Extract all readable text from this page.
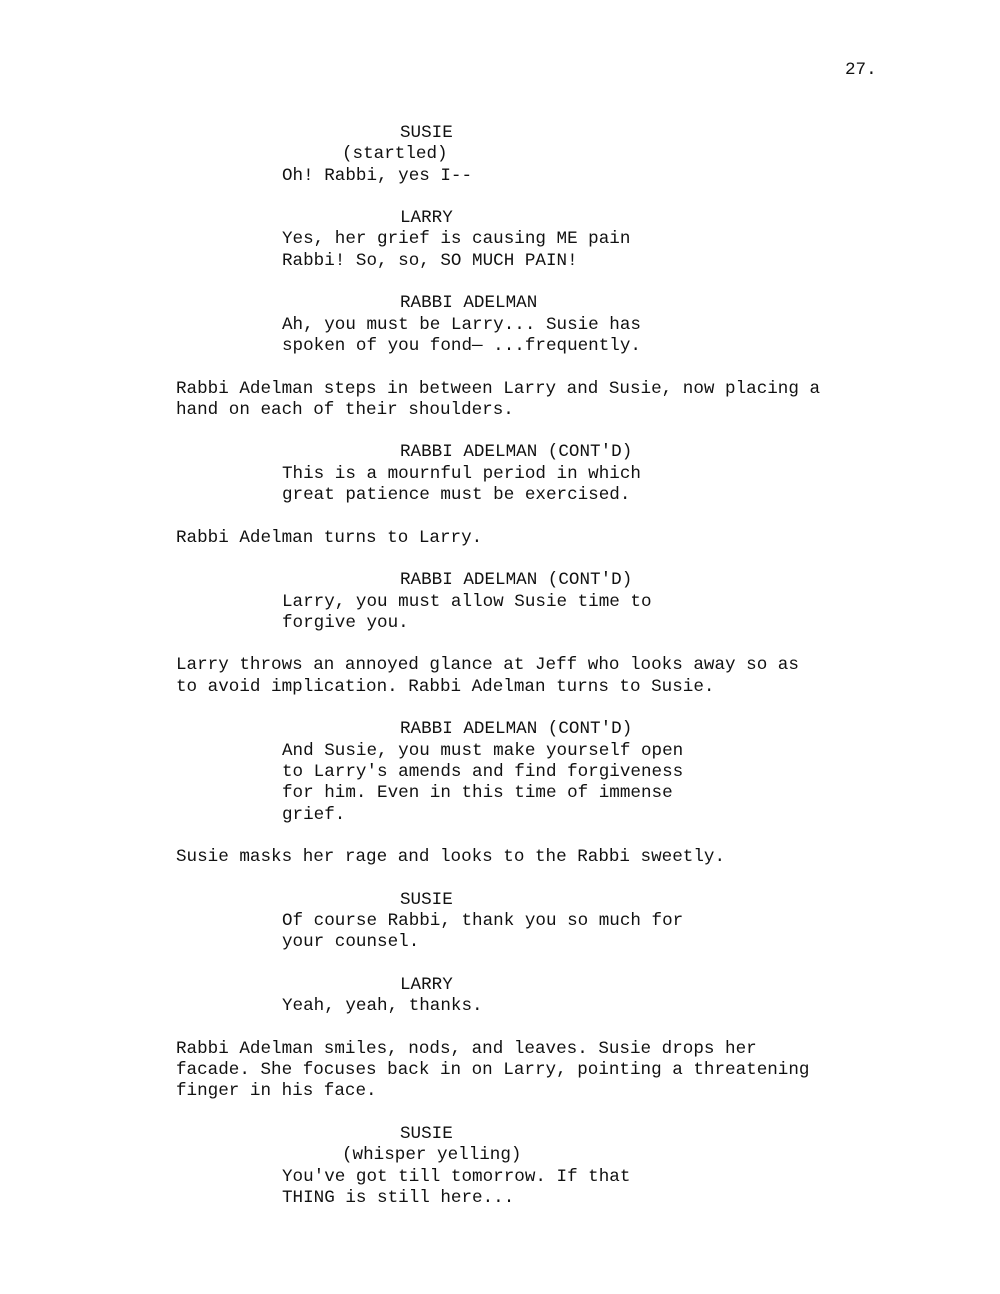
27.
SUSIE
(startled)
Oh! Rabbi, yes I--
LARRY
Yes, her grief is causing ME pain
Rabbi! So, so, SO MUCH PAIN!
RABBI ADELMAN
Ah, you must be Larry... Susie has
spoken of you fond— ...frequently.
Rabbi Adelman steps in between Larry and Susie, now placing a
hand on each of their shoulders.
RABBI ADELMAN (CONT'D)
This is a mournful period in which
great patience must be exercised.
Rabbi Adelman turns to Larry.
RABBI ADELMAN (CONT'D)
Larry, you must allow Susie time to
forgive you.
Larry throws an annoyed glance at Jeff who looks away so as
to avoid implication. Rabbi Adelman turns to Susie.
RABBI ADELMAN (CONT'D)
And Susie, you must make yourself open
to Larry's amends and find forgiveness
for him. Even in this time of immense
grief.
Susie masks her rage and looks to the Rabbi sweetly.
SUSIE
Of course Rabbi, thank you so much for
your counsel.
LARRY
Yeah, yeah, thanks.
Rabbi Adelman smiles, nods, and leaves. Susie drops her
facade. She focuses back in on Larry, pointing a threatening
finger in his face.
SUSIE
(whisper yelling)
You've got till tomorrow. If that
THING is still here...
